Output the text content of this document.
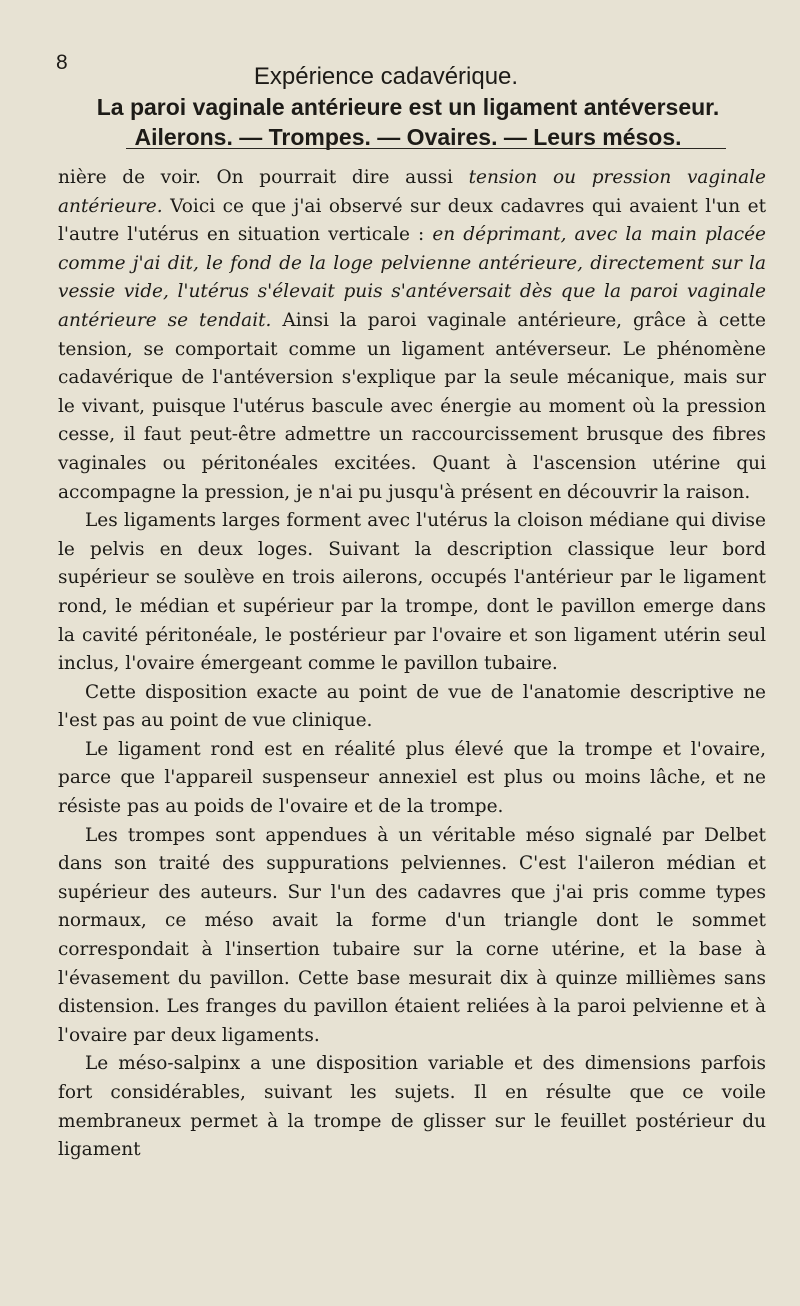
8
Expérience cadavérique.
La paroi vaginale antérieure est un ligament antéverseur.
Ailerons. — Trompes. — Ovaires. — Leurs mésos.

nière de voir. On pourrait dire aussi tension ou pression vaginale antérieure. Voici ce que j'ai observé sur deux cadavres qui avaient l'un et l'autre l'utérus en situation verticale : en déprimant, avec la main placée comme j'ai dit, le fond de la loge pelvienne antérieure, directement sur la vessie vide, l'utérus s'élevait puis s'antéversait dès que la paroi vaginale antérieure se tendait. Ainsi la paroi vaginale antérieure, grâce à cette tension, se comportait comme un ligament antéverseur. Le phénomène cadavérique de l'antéversion s'explique par la seule mécanique, mais sur le vivant, puisque l'utérus bascule avec énergie au moment où la pression cesse, il faut peut-être admettre un raccourcissement brusque des fibres vaginales ou péritonéales excitées. Quant à l'ascension utérine qui accompagne la pression, je n'ai pu jusqu'à présent en découvrir la raison.

Les ligaments larges forment avec l'utérus la cloison médiane qui divise le pelvis en deux loges. Suivant la description classique leur bord supérieur se soulève en trois ailerons, occupés l'antérieur par le ligament rond, le médian et supérieur par la trompe, dont le pavillon emerge dans la cavité péritonéale, le postérieur par l'ovaire et son ligament utérin seul inclus, l'ovaire émergeant comme le pavillon tubaire.

Cette disposition exacte au point de vue de l'anatomie descriptive ne l'est pas au point de vue clinique.

Le ligament rond est en réalité plus élevé que la trompe et l'ovaire, parce que l'appareil suspenseur annexiel est plus ou moins lâche, et ne résiste pas au poids de l'ovaire et de la trompe.

Les trompes sont appendues à un véritable méso signalé par Delbet dans son traité des suppurations pelviennes. C'est l'aileron médian et supérieur des auteurs. Sur l'un des cadavres que j'ai pris comme types normaux, ce méso avait la forme d'un triangle dont le sommet correspondait à l'insertion tubaire sur la corne utérine, et la base à l'évasement du pavillon. Cette base mesurait dix à quinze millièmes sans distension. Les franges du pavillon étaient reliées à la paroi pelvienne et à l'ovaire par deux ligaments.

Le méso-salpinx a une disposition variable et des dimensions parfois fort considérables, suivant les sujets. Il en résulte que ce voile membraneux permet à la trompe de glisser sur le feuillet postérieur du ligament
